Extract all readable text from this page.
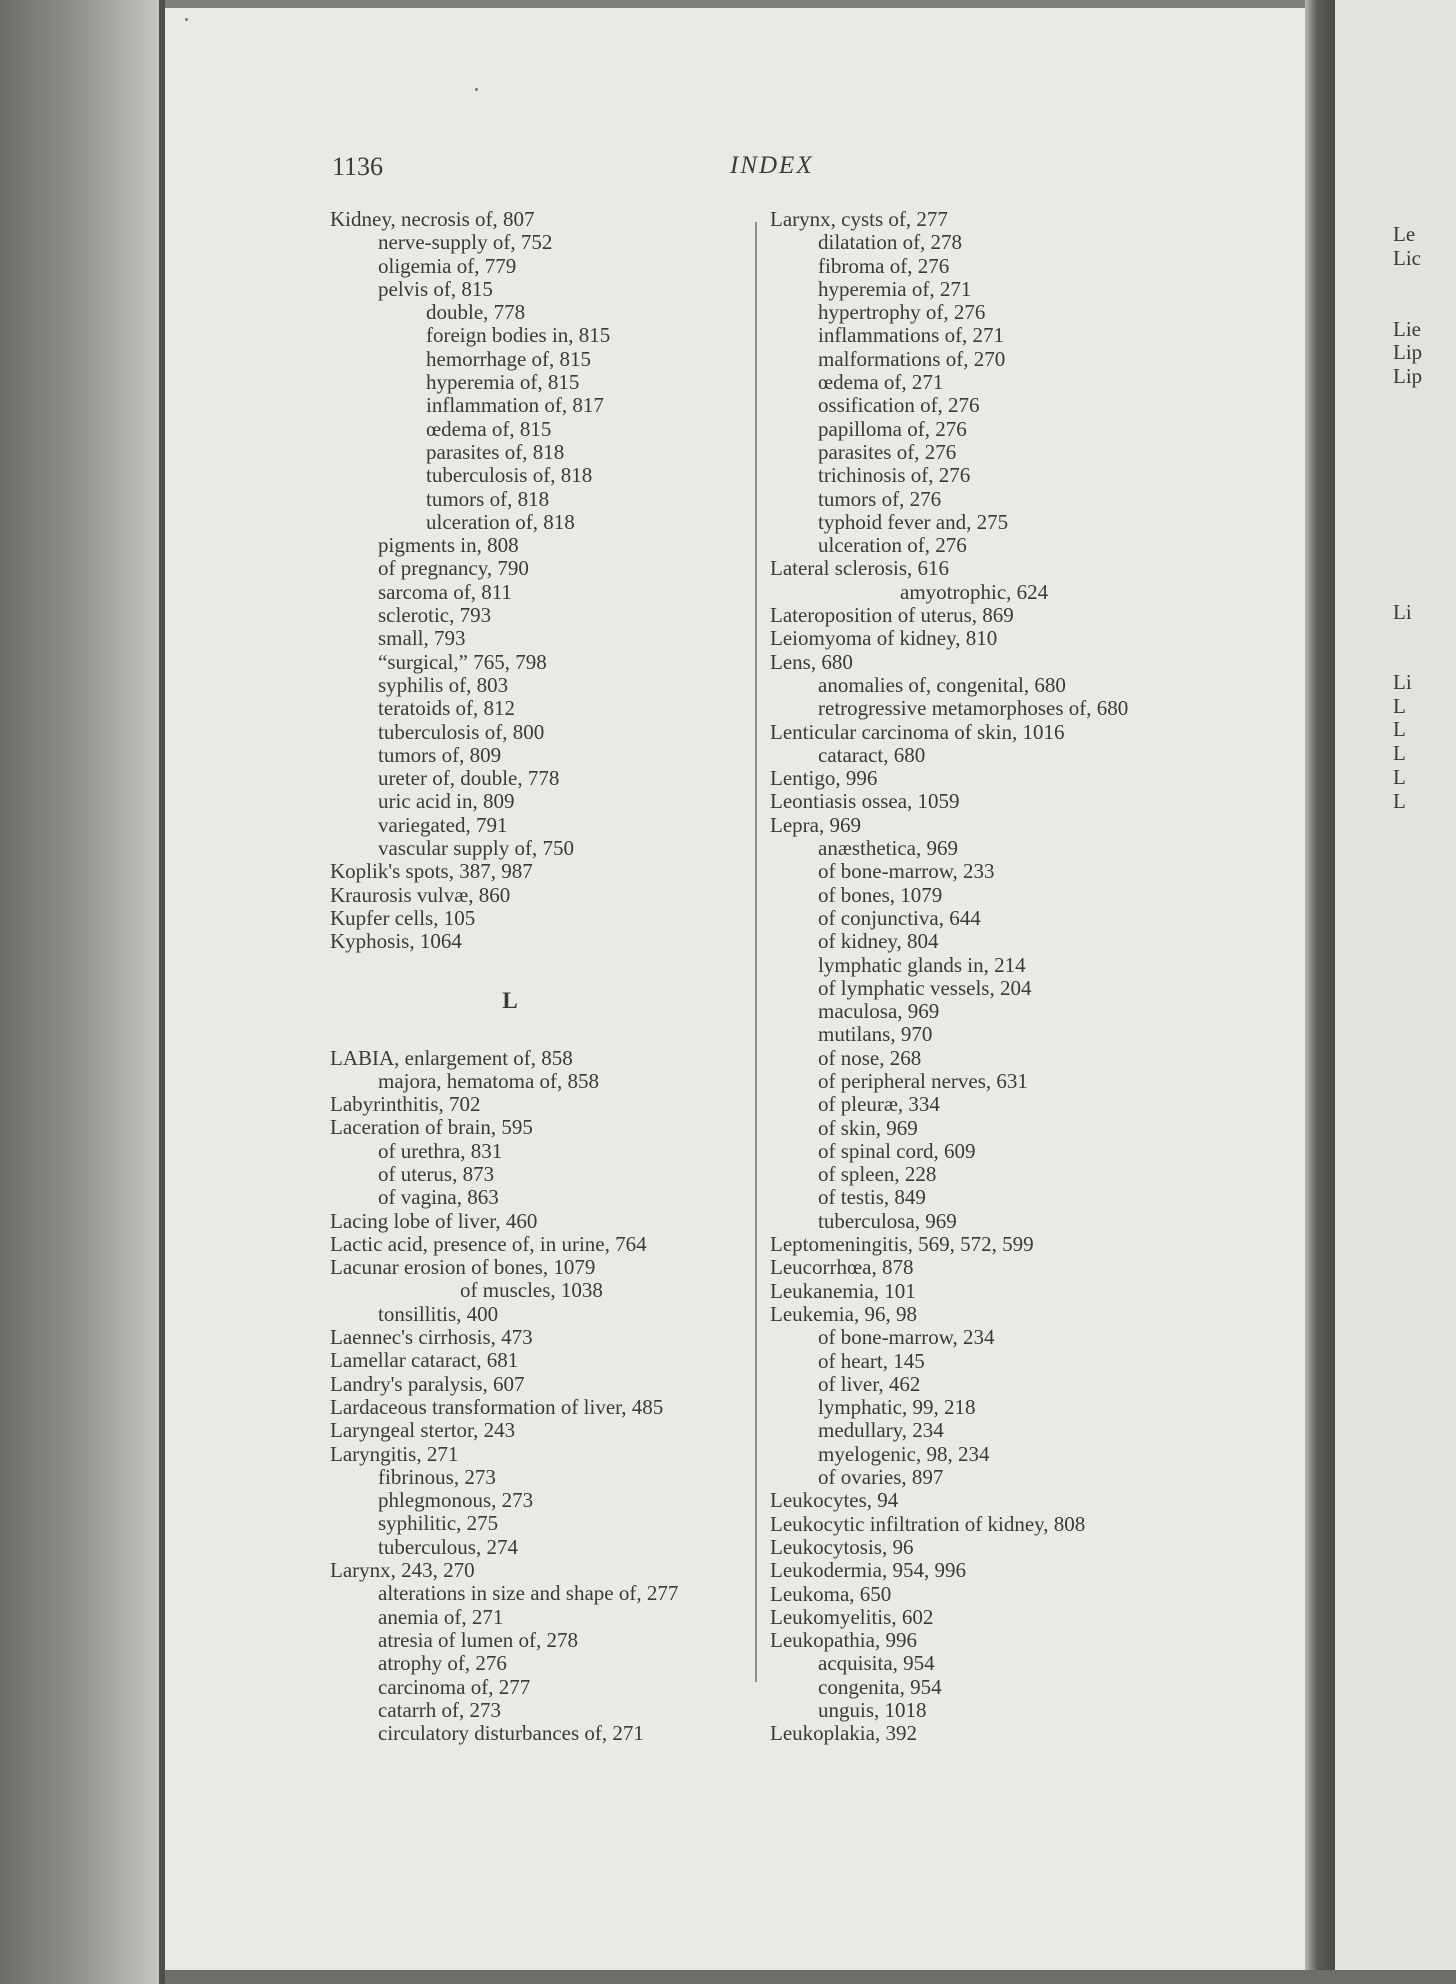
1136	INDEX
Kidney, necrosis of, 807
nerve-supply of, 752
oligemia of, 779
pelvis of, 815
double, 778
foreign bodies in, 815
hemorrhage of, 815
hyperemia of, 815
inflammation of, 817
œdema of, 815
parasites of, 818
tuberculosis of, 818
tumors of, 818
ulceration of, 818
pigments in, 808
of pregnancy, 790
sarcoma of, 811
sclerotic, 793
small, 793
“surgical,” 765, 798
syphilis of, 803
teratoids of, 812
tuberculosis of, 800
tumors of, 809
ureter of, double, 778
uric acid in, 809
variegated, 791
vascular supply of, 750
Koplik's spots, 387, 987
Kraurosis vulvæ, 860
Kupfer cells, 105
Kyphosis, 1064
L
LABIA, enlargement of, 858
majora, hematoma of, 858
Labyrinthitis, 702
Laceration of brain, 595
of urethra, 831
of uterus, 873
of vagina, 863
Lacing lobe of liver, 460
Lactic acid, presence of, in urine, 764
Lacunar erosion of bones, 1079
of muscles, 1038
tonsillitis, 400
Laennec's cirrhosis, 473
Lamellar cataract, 681
Landry's paralysis, 607
Lardaceous transformation of liver, 485
Laryngeal stertor, 243
Laryngitis, 271
fibrinous, 273
phlegmonous, 273
syphilitic, 275
tuberculous, 274
Larynx, 243, 270
alterations in size and shape of, 277
anemia of, 271
atresia of lumen of, 278
atrophy of, 276
carcinoma of, 277
catarrh of, 273
circulatory disturbances of, 271
Larynx, cysts of, 277
dilatation of, 278
fibroma of, 276
hyperemia of, 271
hypertrophy of, 276
inflammations of, 271
malformations of, 270
œdema of, 271
ossification of, 276
papilloma of, 276
parasites of, 276
trichinosis of, 276
tumors of, 276
typhoid fever and, 275
ulceration of, 276
Lateral sclerosis, 616
amyotrophic, 624
Lateroposition of uterus, 869
Leiomyoma of kidney, 810
Lens, 680
anomalies of, congenital, 680
retrogressive metamorphoses of, 680
Lenticular carcinoma of skin, 1016
cataract, 680
Lentigo, 996
Leontiasis ossea, 1059
Lepra, 969
anæsthetica, 969
of bone-marrow, 233
of bones, 1079
of conjunctiva, 644
of kidney, 804
lymphatic glands in, 214
of lymphatic vessels, 204
maculosa, 969
mutilans, 970
of nose, 268
of peripheral nerves, 631
of pleuræ, 334
of skin, 969
of spinal cord, 609
of spleen, 228
of testis, 849
tuberculosa, 969
Leptomeningitis, 569, 572, 599
Leucorrhœa, 878
Leukanemia, 101
Leukemia, 96, 98
of bone-marrow, 234
of heart, 145
of liver, 462
lymphatic, 99, 218
medullary, 234
myelogenic, 98, 234
of ovaries, 897
Leukocytes, 94
Leukocytic infiltration of kidney, 808
Leukocytosis, 96
Leukodermia, 954, 996
Leukoma, 650
Leukomyelitis, 602
Leukopathia, 996
acquisita, 954
congenita, 954
unguis, 1018
Leukoplakia, 392
Le
Lic
Lie
Lip
Lip
Li
Li
L
L
L
L
L
